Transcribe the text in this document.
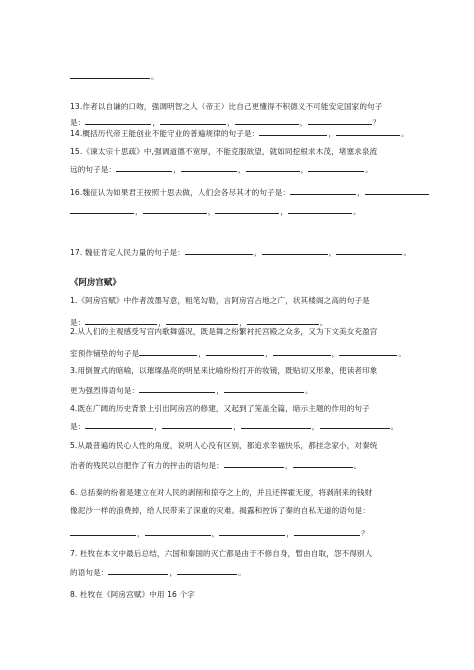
。
13.作者以自谦的口吻，强调明智之人（帝王）比自己更懂得不积德义不可能安定国家的句子
是：	，	，	，	？
14.概括历代帝王能创业不能守业的普遍规律的句子是：	，	。
15.《谏太宗十思疏》中,强调道德不宽厚，不能克服欲望，就如同挖根求木茂，堵塞求泉流
远的句子是：	，	，	，	。
16.魏征认为如果君王按照十思去做，人们会各尽其才的句子是：	，
，	，	，	。
17. 魏征肯定人民力量的句子是：	，	，	。
《阿房宫赋》
1.《阿房宫赋》中作者泼墨写意，粗笔勾勒，言阿房宫占地之广，状其楼阁之高的句子是
是：	，	，	。
2.从人们的主观感受写宫内歌舞盛况，既是舞之纷繁衬托宫殿之众多，又为下文美女充盈宫
室预作铺垫的句子是	，	，	，	。
3.用倒置式的暗喻，以璀璨晶亮的明星来比喻纷纷打开的妆镜，既贴切又形象，使读者印象
更为强烈得语句是：	，	。
4.既在广阔的历史背景上引出阿房宫的修建，又起到了笼盖全篇，暗示主题的作用的句子
是：	，	，	，	。
5.从最普遍的民心人性的角度，说明人心没有区别，都追求幸福快乐，都挂念家小，对秦统
治者的残民以自肥作了有力的抨击的语句是：	，	。
6. 总括秦的纷奢是建立在对人民的剥削和掠夺之上的，并且还挥霍无度，将剥削来的钱财
像泥沙一样的浪费掉，给人民带来了深重的灾难。揭露和控诉了秦的自私无道的语句是：
，	，	，	？
7. 杜牧在本文中最后总结，六国和秦国的灭亡都是由于不修自身，暂由自取，怨不得别人
的语句是：	，	。
8. 杜牧在《阿房宫赋》中用 16 个字
